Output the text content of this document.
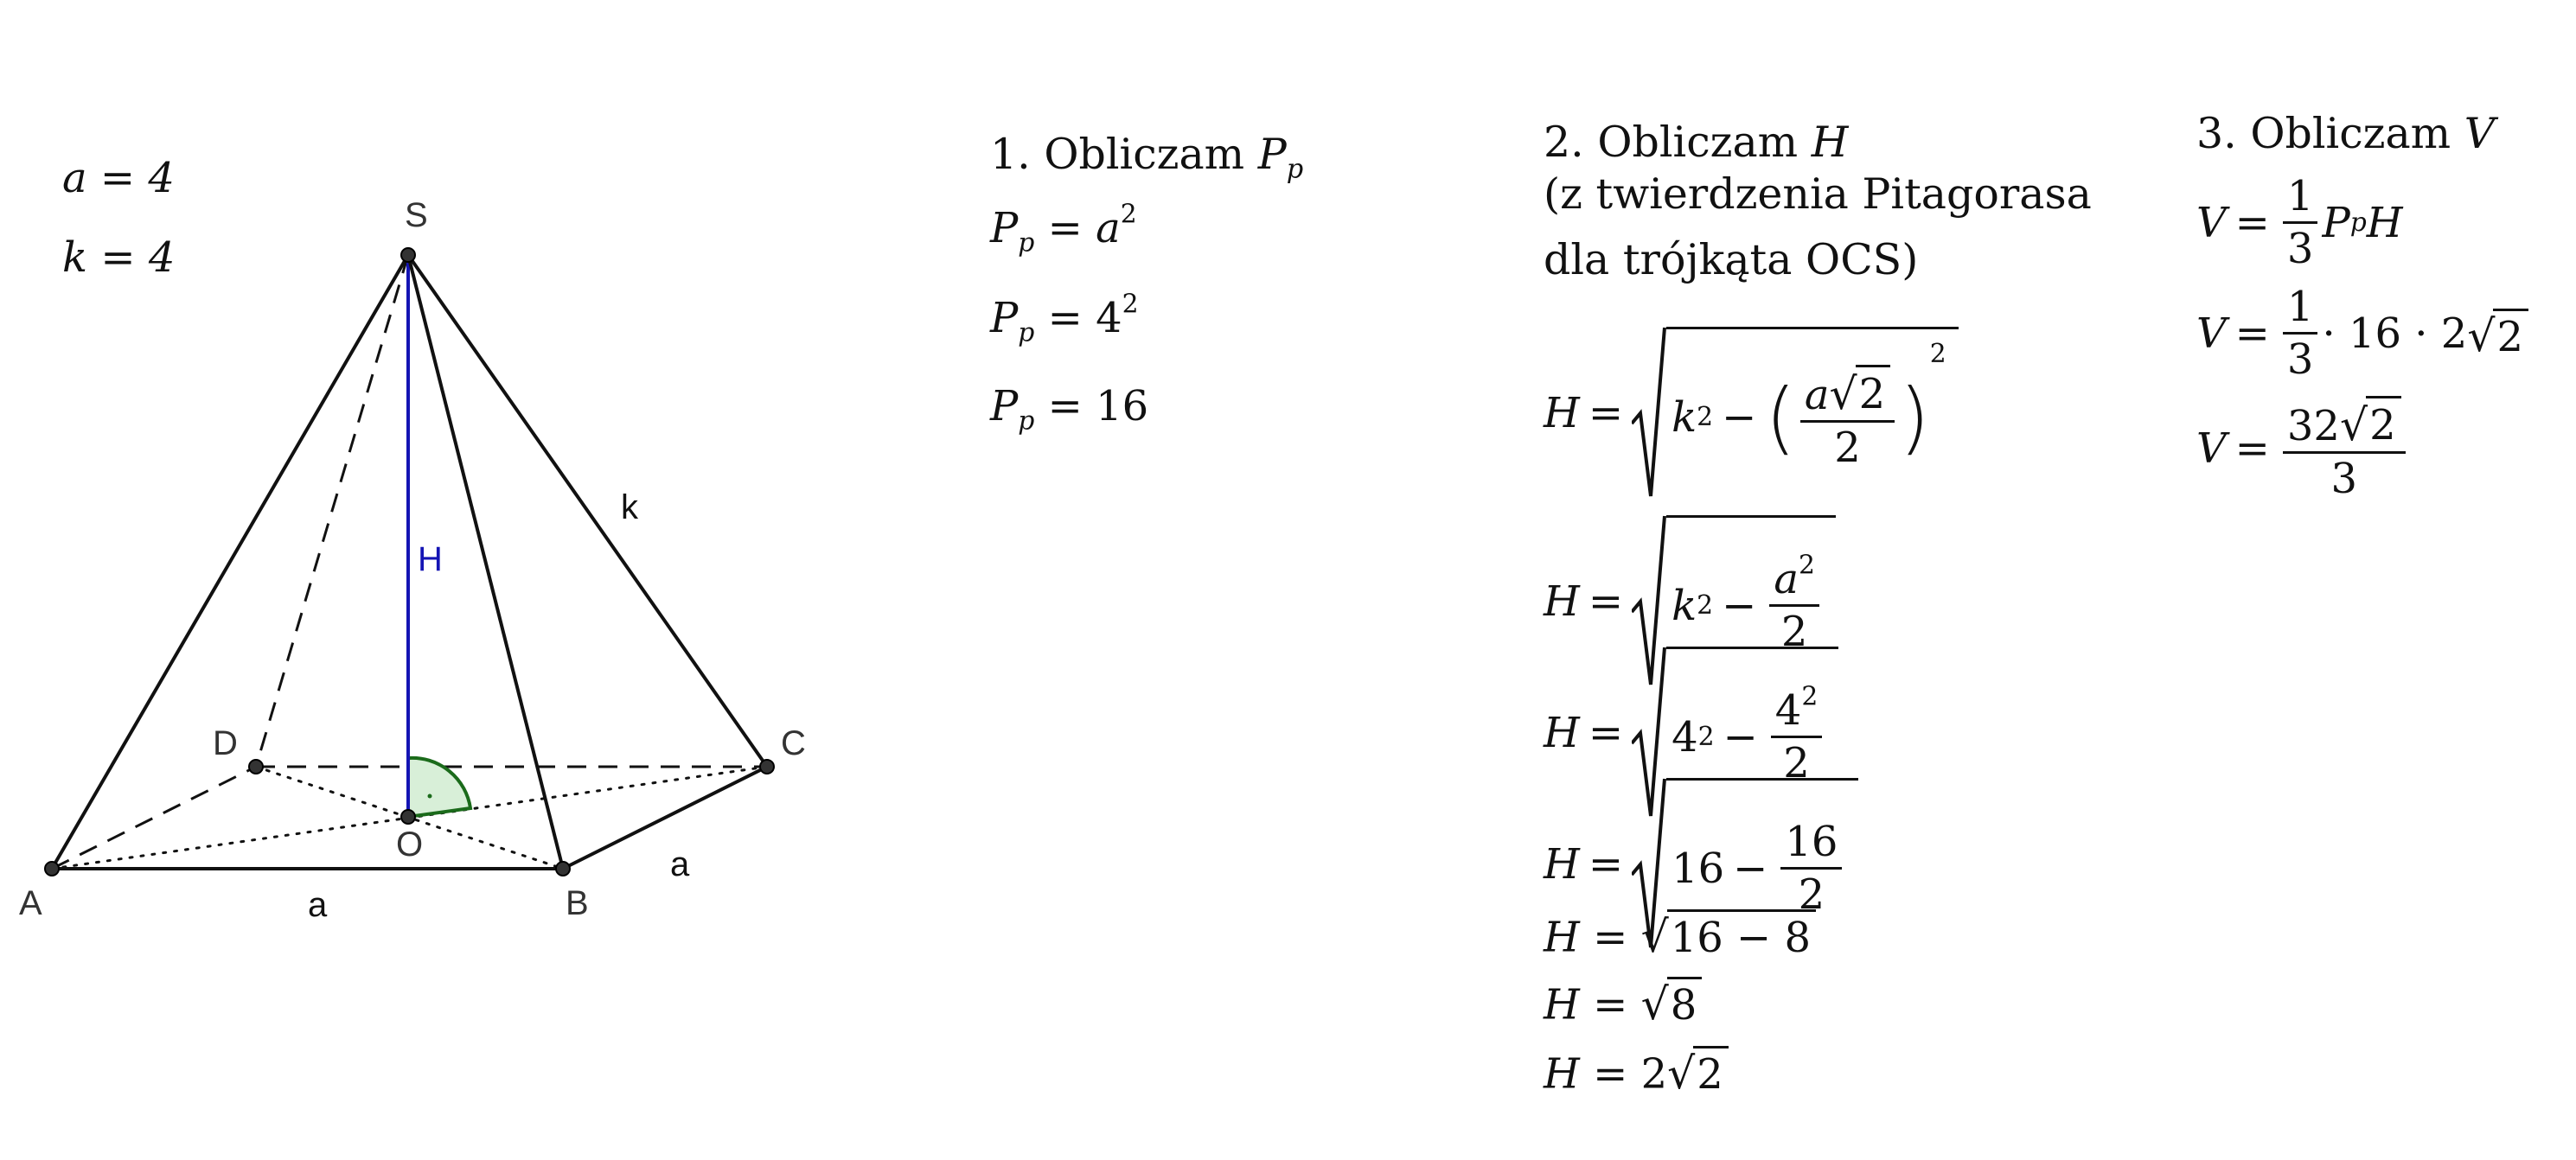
a = 4
k = 4
S
D	C
A	B
O
H
k
a
a
1. Obliczam $P_p$
$P_p = a^2$
$P_p = 4^2$
$P_p = 16$
2. Obliczam H
(z twierdzenia Pitagorasa
dla trójkąta OCS)
H = k 2 − ( $\frac{a √ 2}{2}$ )
2
H = k $2 - \frac{a^2}{2}$
H = 4 $2 - \frac{4^2}{2}$
$H = 16 - \frac{16}{2}$
H = √ 16 − 8
H = √ 8
H = 2 √ 2
3. Obliczam V
$V = \frac{1}{3}$ P p H
$V = \frac{1}{3} \cdot 16 \cdot 2$ √ 2
$V = \frac{32 √ 2}{3}$
